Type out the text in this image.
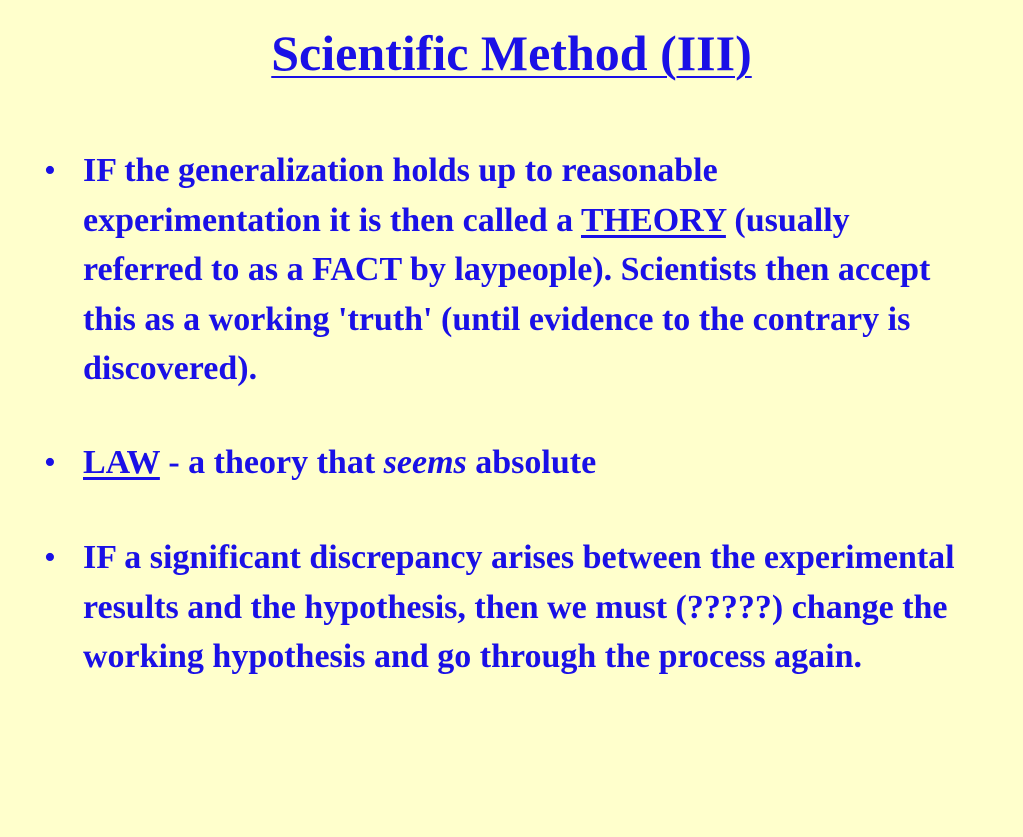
Scientific Method (III)
• IF the generalization holds up to reasonable experimentation it is then called a THEORY (usually referred to as a FACT by laypeople). Scientists then accept this as a working 'truth' (until evidence to the contrary is discovered).
• LAW - a theory that seems absolute
• IF a significant discrepancy arises between the experimental results and the hypothesis, then we must (?????) change the working hypothesis and go through the process again.
